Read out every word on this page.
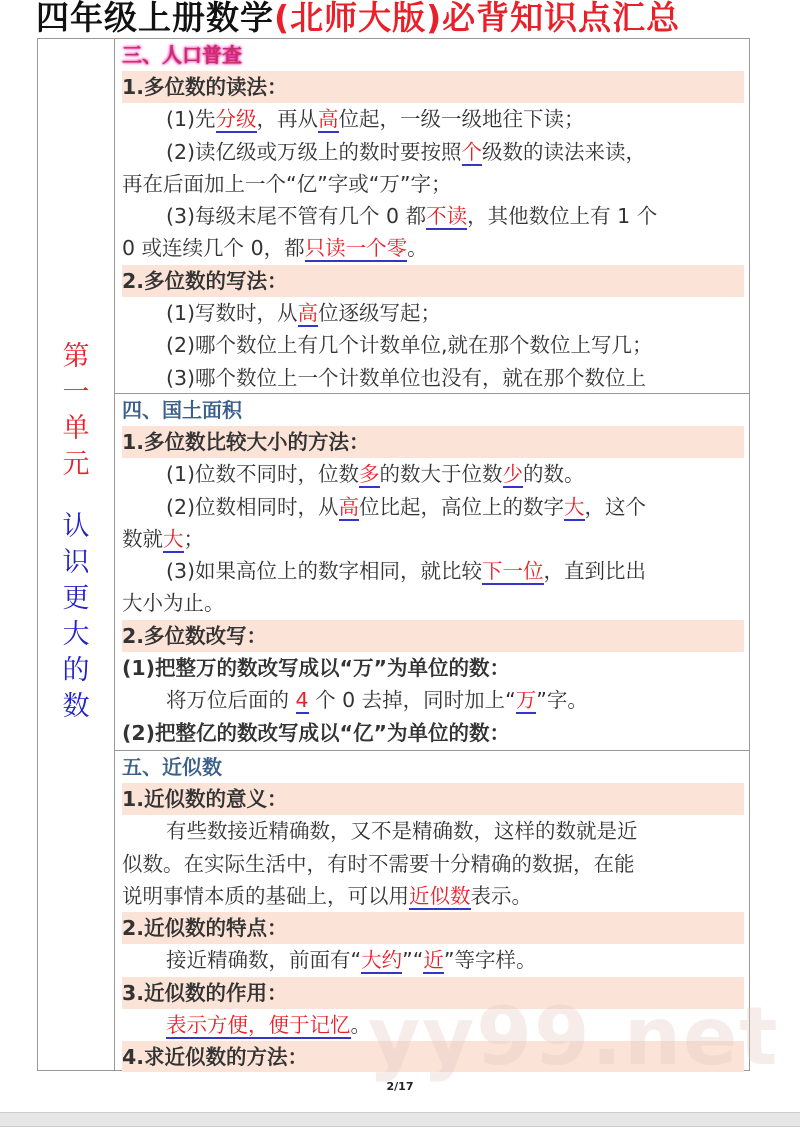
四年级上册数学(北师大版)必背知识点汇总
第
一
单
元
认
识
更
大
的
数
三、人口普查
1.多位数的读法：
(1)先分级，再从高位起，一级一级地往下读；
(2)读亿级或万级上的数时要按照个级数的读法来读，
再在后面加上一个“亿”字或“万”字；
(3)每级末尾不管有几个 0 都不读，其他数位上有 1 个
0 或连续几个 0，都只读一个零。
2.多位数的写法：
(1)写数时，从高位逐级写起；
(2)哪个数位上有几个计数单位,就在那个数位上写几；
(3)哪个数位上一个计数单位也没有，就在那个数位上
四、国土面积
1.多位数比较大小的方法：
(1)位数不同时，位数多的数大于位数少的数。
(2)位数相同时，从高位比起，高位上的数字大，这个
数就大；
(3)如果高位上的数字相同，就比较下一位，直到比出
大小为止。
2.多位数改写：
(1)把整万的数改写成以“万”为单位的数：
将万位后面的 4 个 0 去掉，同时加上“万”字。
(2)把整亿的数改写成以“亿”为单位的数：
五、近似数
1.近似数的意义：
有些数接近精确数，又不是精确数，这样的数就是近
似数。在实际生活中，有时不需要十分精确的数据，在能
说明事情本质的基础上，可以用近似数表示。
2.近似数的特点：
接近精确数，前面有“大约”“近”等字样。
3.近似数的作用：
表示方便，便于记忆。
4.求近似数的方法： yy99.net
2/17
